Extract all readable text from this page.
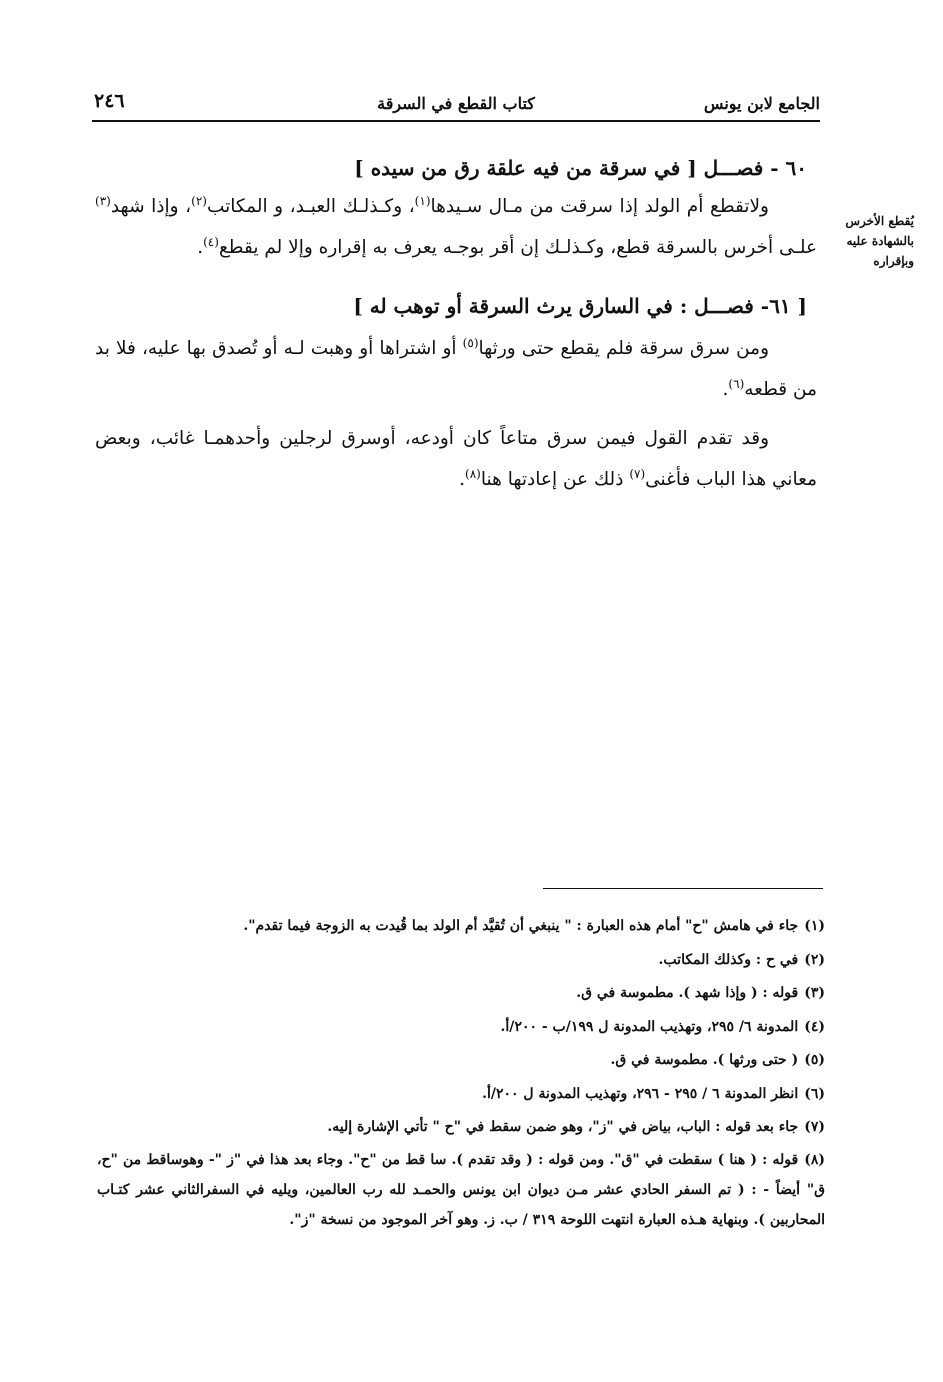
الجامع لابن يونس
كتاب القطع في السرقة
٢٤٦
يُقطع الأخرس
بالشهادة عليه
وبإقراره
٦٠ - فصـــل [ في سرقة من فيه علقة رق من سيده ]

ولاتقطع أم الولد إذا سرقت من مـال سـيدها$^{(١)}$، وكـذلـك العبـد، و المكاتب$^{(٢)}$، وإذا شهد$^{(٣)}$ علـى أخرس بالسرقة قطع، وكـذلـك إن أقر بوجـه يعرف به إقراره وإلا لم يقطع$^{(٤)}$.

[ ٦١- فصـــل : في السارق يرث السرقة أو توهب له ]

ومن سرق سرقة فلم يقطع حتى ورثها$^{(٥)}$ أو اشتراها أو وهبت لـه أو تُصدق بها عليه، فلا بد من قطعه$^{(٦)}$.

وقد تقدم القول فيمن سرق متاعاً كان أودعه، أوسرق لرجلين وأحدهمـا غائب، وبعض معاني هذا الباب فأغنى$^{(٧)}$ ذلك عن إعادتها هنا$^{(٨)}$.

(١)جاء في هامش "ح" أمام هذه العبارة : " ينبغي أن تُقيَّد أم الولد بما قُيدت به الزوجة فيما تقدم".

(٢)في ح : وكذلك المكاتب.

(٣)قوله : ( وإذا شهد ). مطموسة في ق.

(٤)المدونة ٦/ ٢٩٥، وتهذيب المدونة ل ١٩٩/ب - ٢٠٠/أ.

(٥)( حتى ورثها ). مطموسة في ق.

(٦)انظر المدونة ٦ / ٢٩٥ - ٢٩٦، وتهذيب المدونة ل ٢٠٠/أ.

(٧)جاء بعد قوله : الباب، بياض في "ز"، وهو ضمن سقط في "ح " تأتي الإشارة إليه.

(٨)قوله : ( هنا ) سقطت في "ق". ومن قوله : ( وقد تقدم ). سا قط من "ح". وجاء بعد هذا في "ز "- وهوساقط من "ح، ق" أيضاً - : ( تم السفر الحادي عشر مـن ديوان ابن يونس والحمـد لله رب العالمين، ويليه في السفرالثاني عشر كتـاب المحاربين ). وبنهاية هـذه العبارة انتهت اللوحة ٣١٩ / ب. ز. وهو آخر الموجود من نسخة "ز".
